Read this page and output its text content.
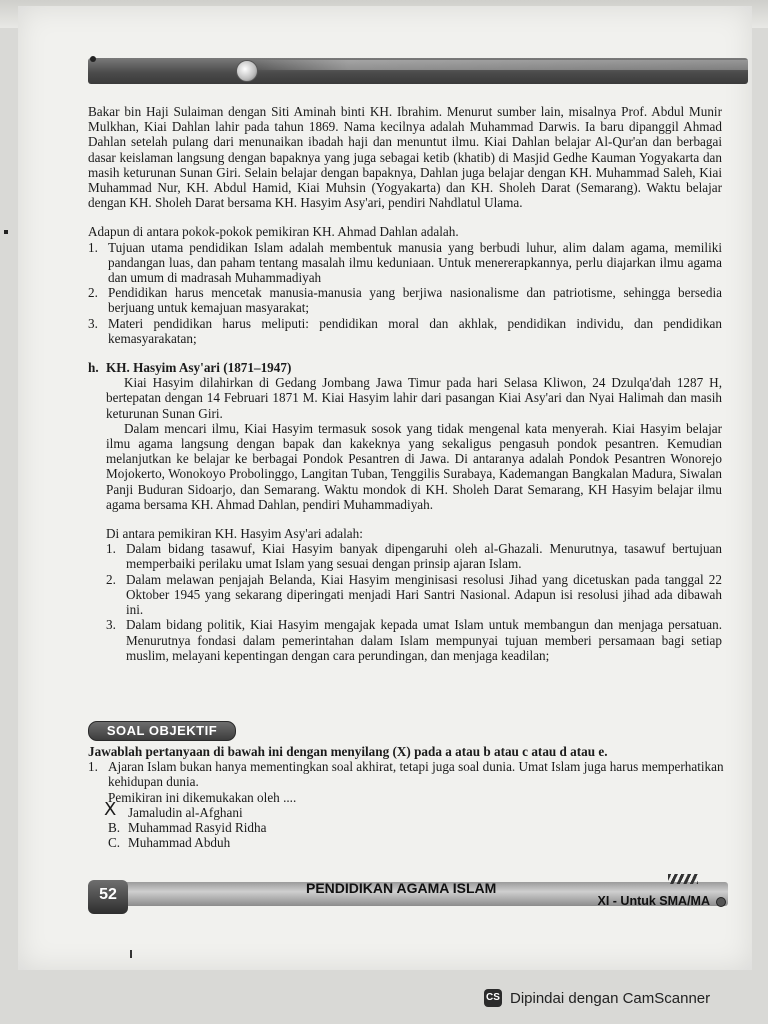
Bakar bin Haji Sulaiman dengan Siti Aminah binti KH. Ibrahim. Menurut sumber lain, misalnya Prof. Abdul Munir Mulkhan, Kiai Dahlan lahir pada tahun 1869. Nama kecilnya adalah Muhammad Darwis. Ia baru dipanggil Ahmad Dahlan setelah pulang dari menunaikan ibadah haji dan menuntut ilmu. Kiai Dahlan belajar Al-Qur'an dan berbagai dasar keislaman langsung dengan bapaknya yang juga sebagai ketib (khatib) di Masjid Gedhe Kauman Yogyakarta dan masih keturunan Sunan Giri. Selain belajar dengan bapaknya, Dahlan juga belajar dengan KH. Muhammad Saleh, Kiai Muhammad Nur, KH. Abdul Hamid, Kiai Muhsin (Yogyakarta) dan KH. Sholeh Darat (Semarang). Waktu belajar dengan KH. Sholeh Darat bersama KH. Hasyim Asy'ari, pendiri Nahdlatul Ulama.

Adapun di antara pokok-pokok pemikiran KH. Ahmad Dahlan adalah.

1. Tujuan utama pendidikan Islam adalah membentuk manusia yang berbudi luhur, alim dalam agama, memiliki pandangan luas, dan paham tentang masalah ilmu keduniaan. Untuk menererapkannya, perlu diajarkan ilmu agama dan umum di madrasah Muhammadiyah
2. Pendidikan harus mencetak manusia-manusia yang berjiwa nasionalisme dan patriotisme, sehingga bersedia berjuang untuk kemajuan masyarakat;
3. Materi pendidikan harus meliputi: pendidikan moral dan akhlak, pendidikan individu, dan pendidikan kemasyarakatan;
h. KH. Hasyim Asy'ari (1871–1947)

Kiai Hasyim dilahirkan di Gedang Jombang Jawa Timur pada hari Selasa Kliwon, 24 Dzulqa'dah 1287 H, bertepatan dengan 14 Februari 1871 M. Kiai Hasyim lahir dari pasangan Kiai Asy'ari dan Nyai Halimah dan masih keturunan Sunan Giri.

Dalam mencari ilmu, Kiai Hasyim termasuk sosok yang tidak mengenal kata menyerah. Kiai Hasyim belajar ilmu agama langsung dengan bapak dan kakeknya yang sekaligus pengasuh pondok pesantren. Kemudian melanjutkan ke belajar ke berbagai Pondok Pesantren di Jawa. Di antaranya adalah Pondok Pesantren Wonorejo Mojokerto, Wonokoyo Probolinggo, Langitan Tuban, Tenggilis Surabaya, Kademangan Bangkalan Madura, Siwalan Panji Buduran Sidoarjo, dan Semarang. Waktu mondok di KH. Sholeh Darat Semarang, KH Hasyim belajar ilmu agama bersama KH. Ahmad Dahlan, pendiri Muhammadiyah.

Di antara pemikiran KH. Hasyim Asy'ari adalah:

1. Dalam bidang tasawuf, Kiai Hasyim banyak dipengaruhi oleh al-Ghazali. Menurutnya, tasawuf bertujuan memperbaiki perilaku umat Islam yang sesuai dengan prinsip ajaran Islam.
2. Dalam melawan penjajah Belanda, Kiai Hasyim menginisasi resolusi Jihad yang dicetuskan pada tanggal 22 Oktober 1945 yang sekarang diperingati menjadi Hari Santri Nasional. Adapun isi resolusi jihad ada dibawah ini.
3. Dalam bidang politik, Kiai Hasyim mengajak kepada umat Islam untuk membangun dan menjaga persatuan. Menurutnya fondasi dalam pemerintahan dalam Islam mempunyai tujuan memberi persamaan bagi setiap muslim, melayani kepentingan dengan cara perundingan, dan menjaga keadilan;
SOAL OBJEKTIF
Jawablah pertanyaan di bawah ini dengan menyilang (X) pada a atau b atau c atau d atau e.
1. Ajaran Islam bukan hanya mementingkan soal akhirat, tetapi juga soal dunia. Umat Islam juga harus memperhatikan kehidupan dunia.
Pemikiran ini dikemukakan oleh ....
X Jamaludin al-Afghani
B. Muhammad Rasyid Ridha
C. Muhammad Abduh
52	PENDIDIKAN AGAMA ISLAM
XI - Untuk SMA/MA
CS Dipindai dengan CamScanner
